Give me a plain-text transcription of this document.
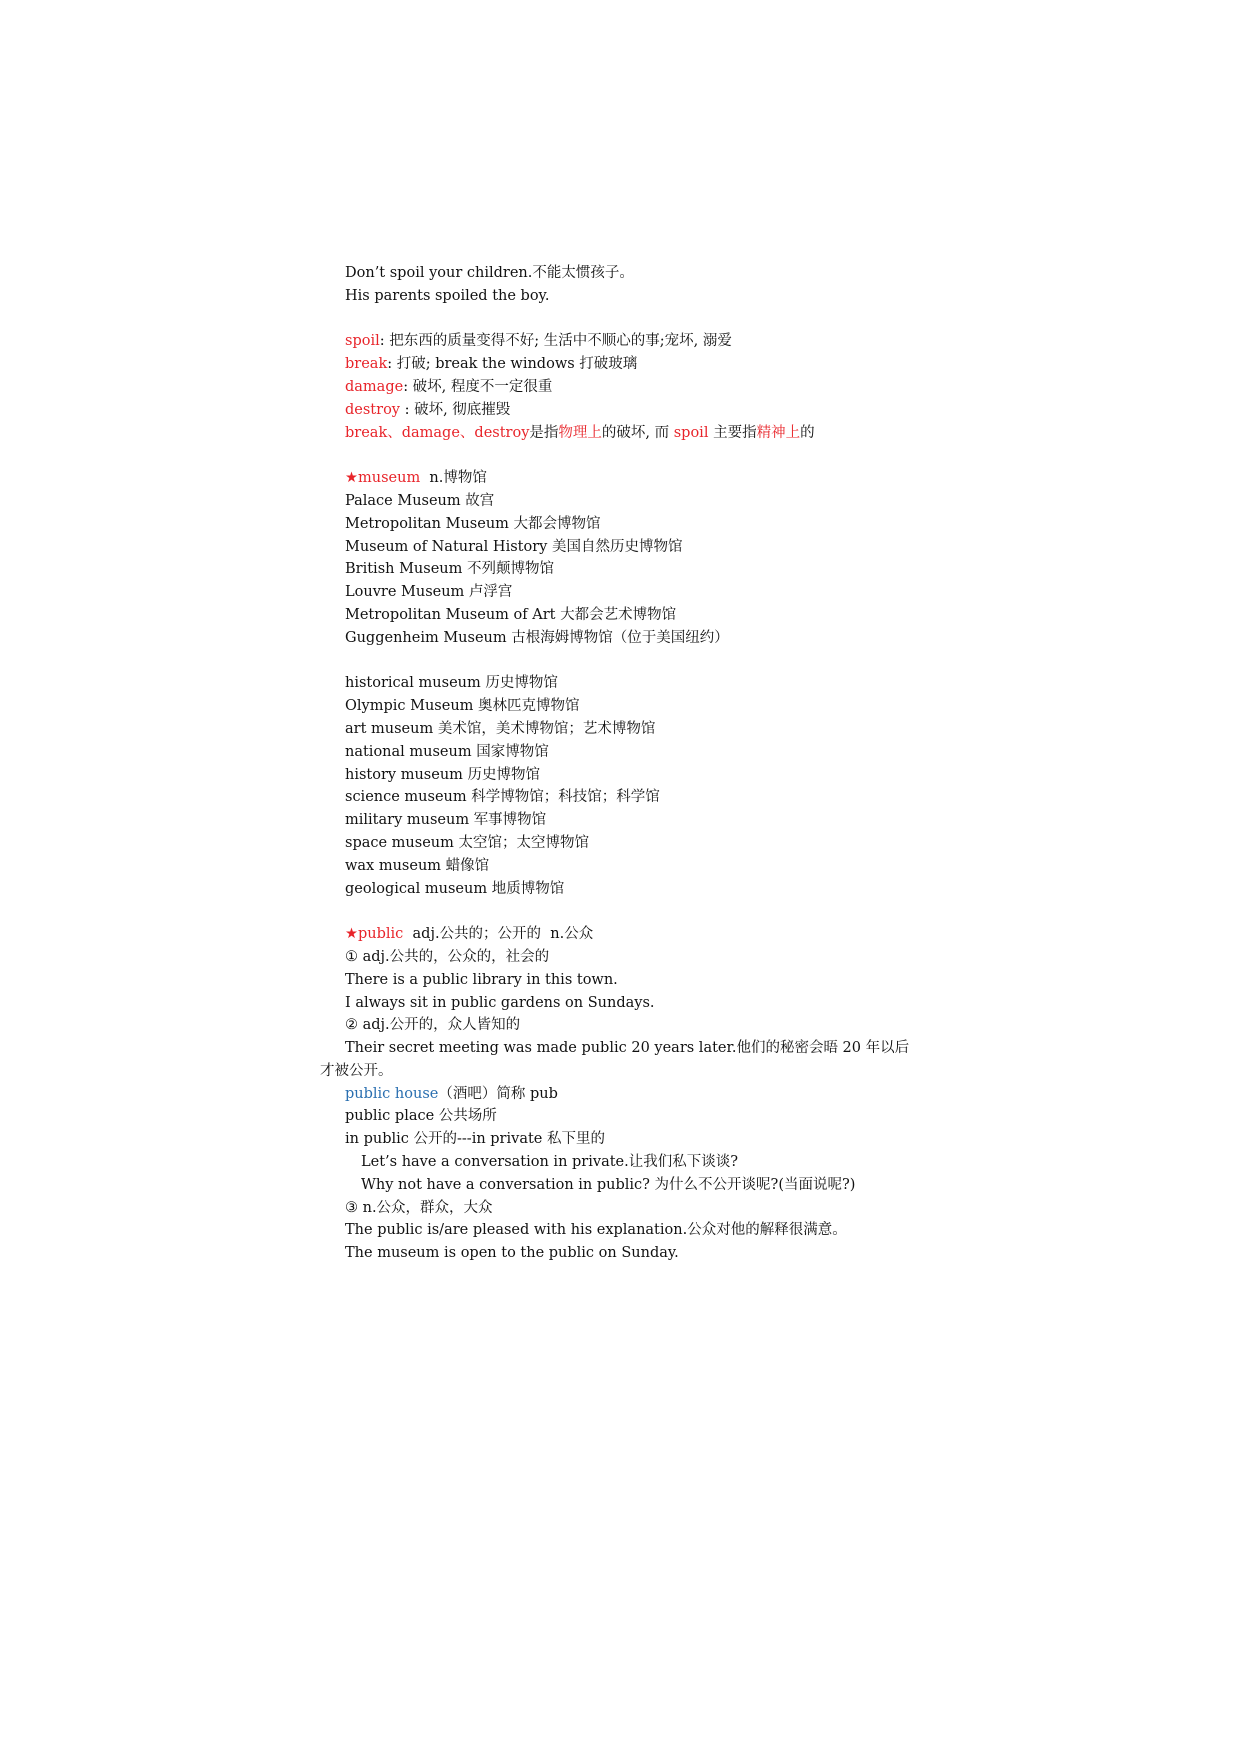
Don’t spoil your children.不能太惯孩子。
His parents spoiled the boy.
spoil: 把东西的质量变得不好; 生活中不顺心的事;宠坏, 溺爱
break: 打破; break the windows 打破玻璃
damage: 破坏, 程度不一定很重
destroy : 破坏, 彻底摧毁
break、damage、destroy是指物理上的破坏, 而 spoil 主要指精神上的
★museum  n.博物馆
Palace Museum 故宫
Metropolitan Museum 大都会博物馆
Museum of Natural History 美国自然历史博物馆
British Museum 不列颠博物馆
Louvre Museum 卢浮宫
Metropolitan Museum of Art 大都会艺术博物馆
Guggenheim Museum 古根海姆博物馆（位于美国纽约）
historical museum 历史博物馆
Olympic Museum 奥林匹克博物馆
art museum 美术馆，美术博物馆；艺术博物馆
national museum 国家博物馆
history museum 历史博物馆
science museum 科学博物馆；科技馆；科学馆
military museum 军事博物馆
space museum 太空馆；太空博物馆
wax museum 蜡像馆
geological museum 地质博物馆
★public  adj.公共的；公开的  n.公众
① adj.公共的，公众的，社会的
There is a public library in this town.
I always sit in public gardens on Sundays.
② adj.公开的，众人皆知的
Their secret meeting was made public 20 years later.他们的秘密会晤 20 年以后
才被公开。
public house（酒吧）简称 pub
public place 公共场所
in public 公开的---in private 私下里的
Let’s have a conversation in private.让我们私下谈谈?
Why not have a conversation in public? 为什么不公开谈呢?(当面说呢?)
③ n.公众，群众，大众
The public is/are pleased with his explanation.公众对他的解释很满意。
The museum is open to the public on Sunday.
